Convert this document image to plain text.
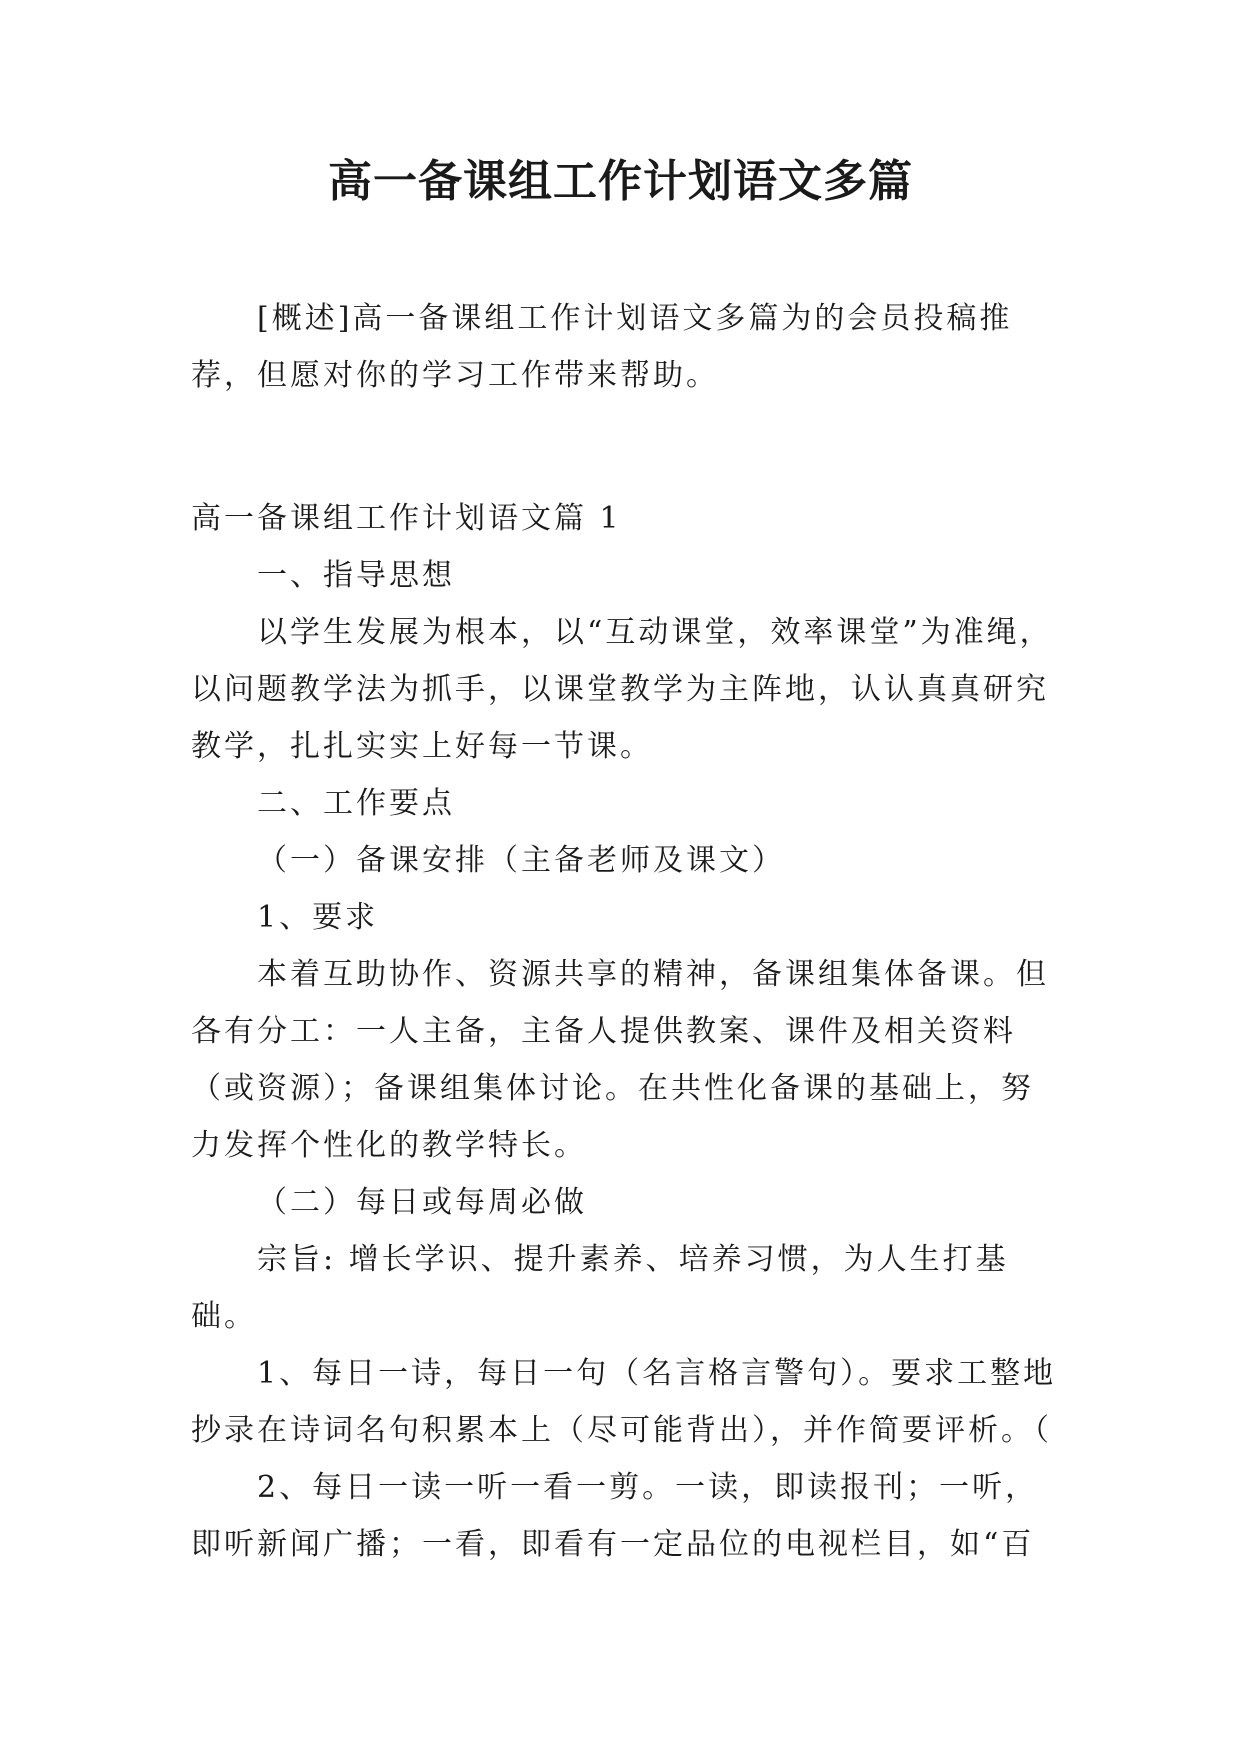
高一备课组工作计划语文多篇

[概述]高一备课组工作计划语文多篇为的会员投稿推荐，但愿对你的学习工作带来帮助。

高一备课组工作计划语文篇 1

一、指导思想

以学生发展为根本，以“互动课堂，效率课堂”为准绳，以问题教学法为抓手，以课堂教学为主阵地，认认真真研究教学，扎扎实实上好每一节课。

二、工作要点

（一）备课安排（主备老师及课文）

1、要求

本着互助协作、资源共享的精神，备课组集体备课。但各有分工：一人主备，主备人提供教案、课件及相关资料（或资源）；备课组集体讨论。在共性化备课的基础上，努力发挥个性化的教学特长。

（二）每日或每周必做

宗旨: 增长学识、提升素养、培养习惯，为人生打基础。

1、每日一诗，每日一句（名言格言警句）。要求工整地抄录在诗词名句积累本上（尽可能背出），并作简要评析。（

2、每日一读一听一看一剪。一读，即读报刊；一听，即听新闻广播；一看，即看有一定品位的电视栏目，如“百
